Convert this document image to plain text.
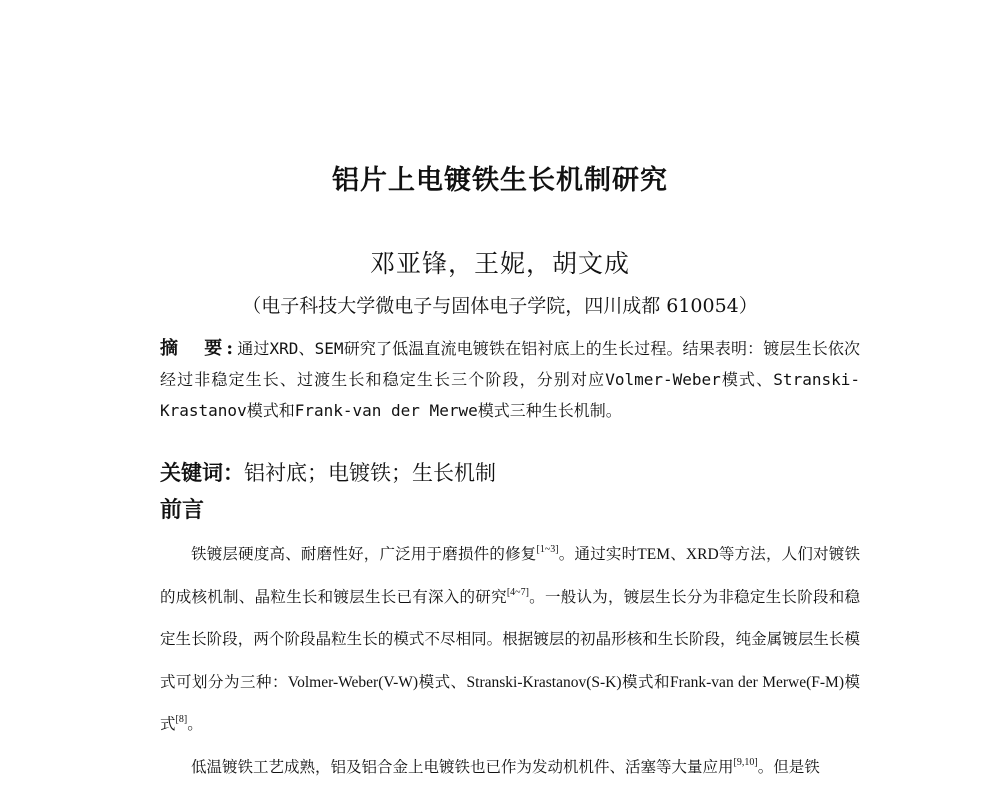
铝片上电镀铁生长机制研究
邓亚锋，王妮，胡文成
（电子科技大学微电子与固体电子学院，四川成都 610054）
摘　要:通过XRD、SEM研究了低温直流电镀铁在铝衬底上的生长过程。结果表明：镀层生长依次经过非稳定生长、过渡生长和稳定生长三个阶段，分别对应Volmer-Weber模式、Stranski-Krastanov模式和Frank-van der Merwe模式三种生长机制。
关键词：铝衬底；电镀铁；生长机制
前言

铁镀层硬度高、耐磨性好，广泛用于磨损件的修复[1~3]。通过实时TEM、XRD等方法，人们对镀铁的成核机制、晶粒生长和镀层生长已有深入的研究[4~7]。一般认为，镀层生长分为非稳定生长阶段和稳定生长阶段，两个阶段晶粒生长的模式不尽相同。根据镀层的初晶形核和生长阶段，纯金属镀层生长模式可划分为三种：Volmer-Weber(V-W)模式、Stranski-Krastanov(S-K)模式和Frank-van der Merwe(F-M)模式[8]。

低温镀铁工艺成熟，铝及铝合金上电镀铁也已作为发动机机件、活塞等大量应用[9,10]。但是铁
